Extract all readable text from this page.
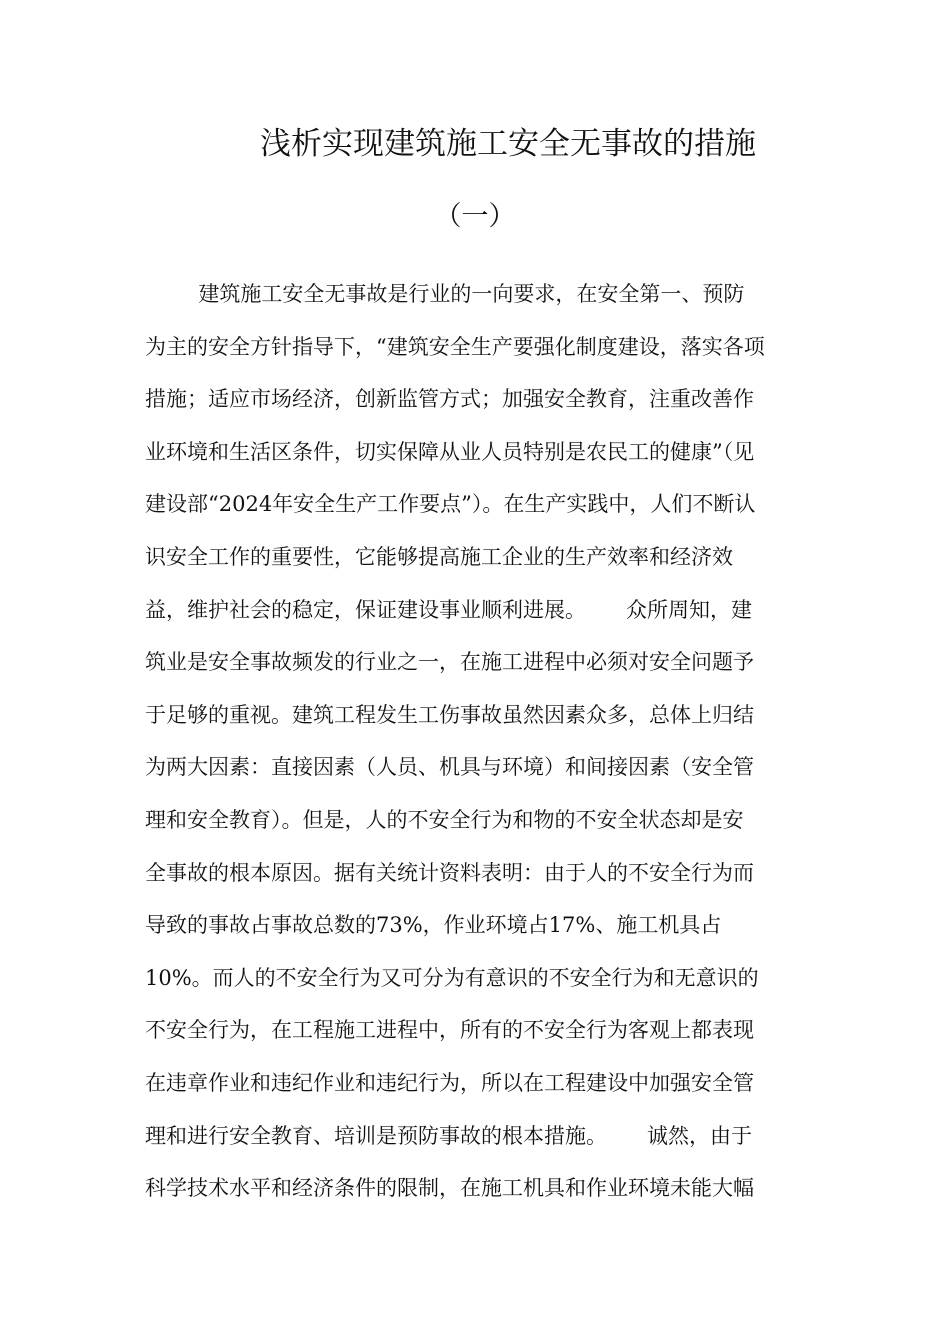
浅析实现建筑施工安全无事故的措施
（一）
建筑施工安全无事故是行业的一向要求，在安全第一、预防
为主的安全方针指导下，“建筑安全生产要强化制度建设，落实各项
措施；适应市场经济，创新监管方式；加强安全教育，注重改善作
业环境和生活区条件，切实保障从业人员特别是农民工的健康”（见
建设部“2024年安全生产工作要点”）。在生产实践中，人们不断认
识安全工作的重要性，它能够提高施工企业的生产效率和经济效
益，维护社会的稳定，保证建设事业顺利进展。      众所周知，建
筑业是安全事故频发的行业之一，在施工进程中必须对安全问题予
于足够的重视。建筑工程发生工伤事故虽然因素众多，总体上归结
为两大因素：直接因素（人员、机具与环境）和间接因素（安全管
理和安全教育）。但是，人的不安全行为和物的不安全状态却是安
全事故的根本原因。据有关统计资料表明：由于人的不安全行为而
导致的事故占事故总数的73%，作业环境占17%、施工机具占
10%。而人的不安全行为又可分为有意识的不安全行为和无意识的
不安全行为，在工程施工进程中，所有的不安全行为客观上都表现
在违章作业和违纪作业和违纪行为，所以在工程建设中加强安全管
理和进行安全教育、培训是预防事故的根本措施。      诚然，由于
科学技术水平和经济条件的限制，在施工机具和作业环境未能大幅
